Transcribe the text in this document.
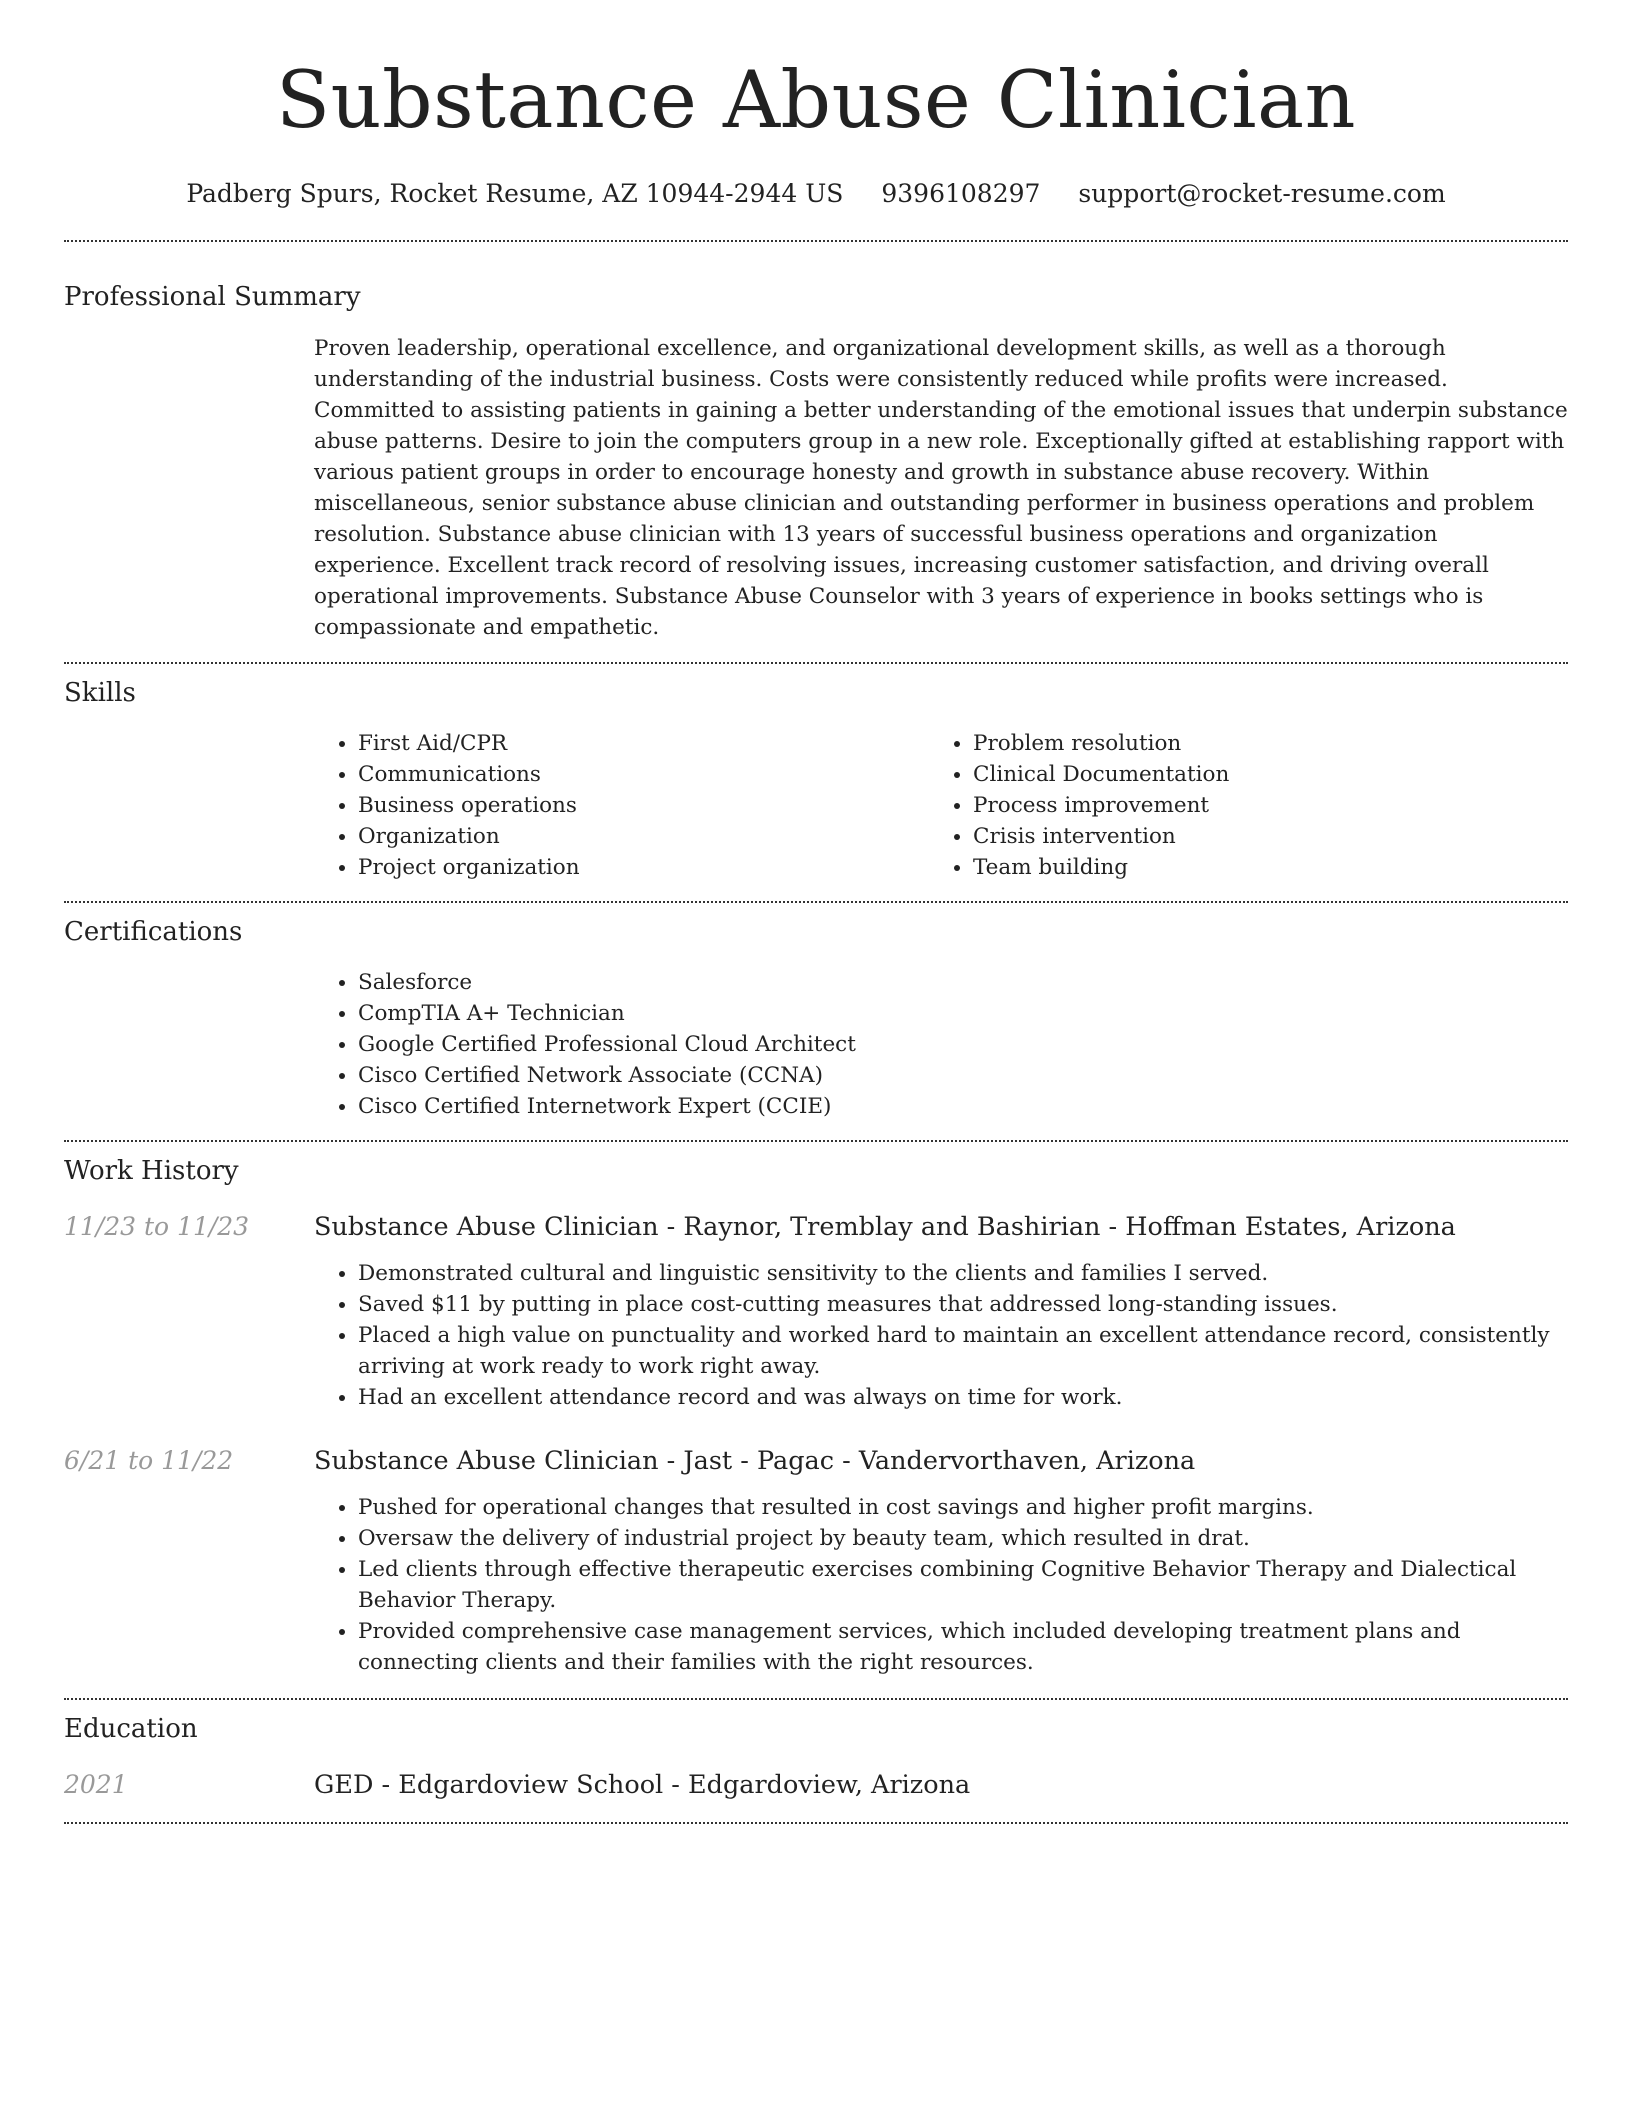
Substance Abuse Clinician
Padberg Spurs, Rocket Resume, AZ 10944-2944 US 9396108297 support@rocket-resume.com
Professional Summary

Proven leadership, operational excellence, and organizational development skills, as well as a thorough understanding of the industrial business. Costs were consistently reduced while profits were increased. Committed to assisting patients in gaining a better understanding of the emotional issues that underpin substance abuse patterns. Desire to join the computers group in a new role. Exceptionally gifted at establishing rapport with various patient groups in order to encourage honesty and growth in substance abuse recovery. Within miscellaneous, senior substance abuse clinician and outstanding performer in business operations and problem resolution. Substance abuse clinician with 13 years of successful business operations and organization experience. Excellent track record of resolving issues, increasing customer satisfaction, and driving overall operational improvements. Substance Abuse Counselor with 3 years of experience in books settings who is compassionate and empathetic.

Skills
• First Aid/CPR
• Communications
• Business operations
• Organization
• Project organization
• Problem resolution
• Clinical Documentation
• Process improvement
• Crisis intervention
• Team building
Certifications
• Salesforce
• CompTIA A+ Technician
• Google Certified Professional Cloud Architect
• Cisco Certified Network Associate (CCNA)
• Cisco Certified Internetwork Expert (CCIE)
Work History
11/23 to 11/23	Substance Abuse Clinician - Raynor, Tremblay and Bashirian - Hoffman Estates, Arizona
• Demonstrated cultural and linguistic sensitivity to the clients and families I served.
• Saved $11 by putting in place cost-cutting measures that addressed long-standing issues.
• Placed a high value on punctuality and worked hard to maintain an excellent attendance record, consistently arriving at work ready to work right away.
• Had an excellent attendance record and was always on time for work.
6/21 to 11/22	Substance Abuse Clinician - Jast - Pagac - Vandervorthaven, Arizona
• Pushed for operational changes that resulted in cost savings and higher profit margins.
• Oversaw the delivery of industrial project by beauty team, which resulted in drat.
• Led clients through effective therapeutic exercises combining Cognitive Behavior Therapy and Dialectical Behavior Therapy.
• Provided comprehensive case management services, which included developing treatment plans and connecting clients and their families with the right resources.
Education
2021	GED - Edgardoview School - Edgardoview, Arizona
